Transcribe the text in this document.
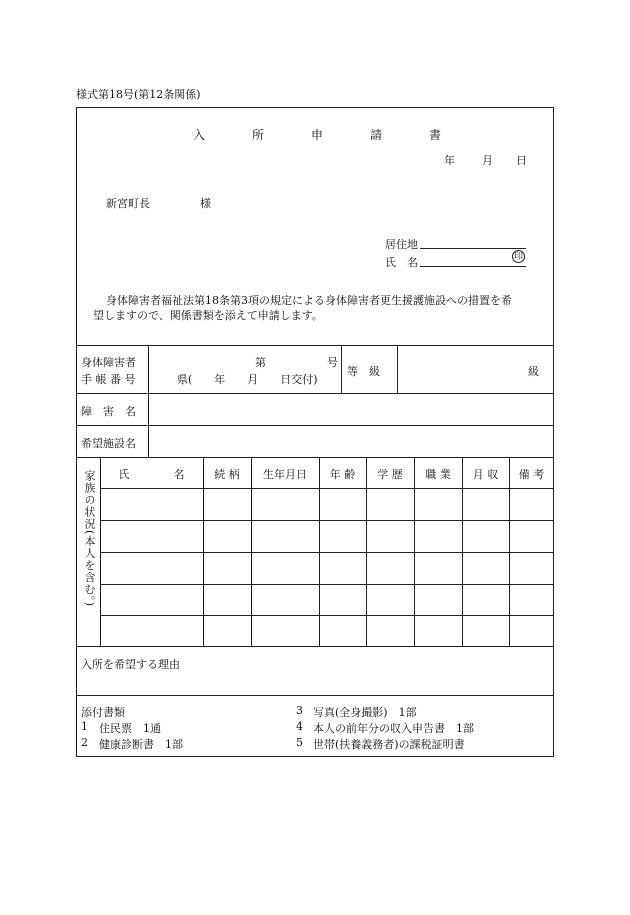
様式第18号(第12条関係)
入	所	申	請	書
年 月 日
新宮町長	様
居住地
氏　名	印
身体障害者福祉法第18条第3項の規定による身体障害者更生援護施設への措置を希
望しますので、関係書類を添えて申請します。
身体障害者
手 帳 番 号
第	号
県(　　年　　月　　日交付)
等　級	級
障　害　名
希望施設名
家族の状況(本人を含む。)	氏　　　　名	続 柄	生年月日	年 齢	学 歴	職 業	月 収	備 考
入所を希望する理由
添付書類
1 住民票　1通
2 健康診断書　1部
3 写真(全身撮影)　1部
4 本人の前年分の収入申告書　1部
5 世帯(扶養義務者)の課税証明書
